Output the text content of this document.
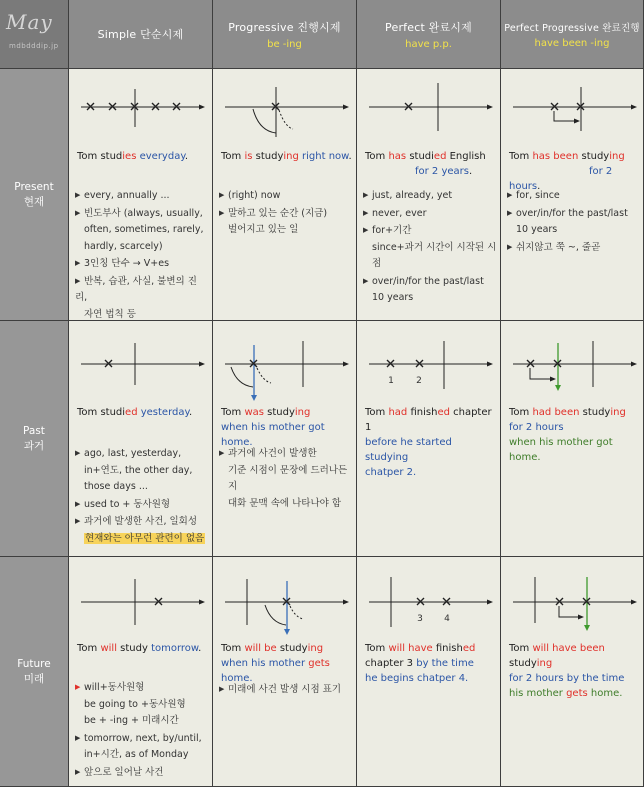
May
mdbdddip.jp
Simple 단순시제
Progressive 진행시제
be -ing
Perfect 완료시제
have p.p.
Perfect Progressive 완료진행
have been -ing
Present
현재
Tom studies everyday.
▶ every, annually ...
▶ 빈도부사 (always, usually,
often, sometimes, rarely,
hardly, scarcely)
▶ 3인칭 단수 → V+es
▶ 반복, 습관, 사실, 불변의 진리,
자연 법칙 등
Tom is studying right now.
▶ (right) now
▶ 말하고 있는 순간 (지금)
벌어지고 있는 일
Tom has studied English
for 2 years.
▶ just, already, yet
▶ never, ever
▶ for+기간
since+과거 시간이 시작된 시점
▶ over/in/for the past/last
10 years
Tom has been studying
for 2 hours.
▶ for, since
▶ over/in/for the past/last
10 years
▶ 쉬지않고 쭉 ~, 줄곧
Past
과거
Tom studied yesterday.
▶ ago, last, yesterday,
in+연도, the other day,
those days ...
▶ used to + 동사원형
▶ 과거에 발생한 사건, 일회성
현재와는 아무런 관련이 없음
Tom was studying
when his mother got home.
▶ 과거에 사건이 발생한
기준 시점이 문장에 드러나든지
대화 문맥 속에 나타나야 함
1 2
Tom had finished chapter 1
before he started studying
chatper 2.
Tom had been studying
for 2 hours
when his mother got home.
Future
미래
Tom will study tomorrow.
▶ will+동사원형
be going to +동사원형
be + -ing + 미래시간
▶ tomorrow, next, by/until,
in+시간, as of Monday
▶ 앞으로 일어날 사건
Tom will be studying
when his mother gets home.
▶ 미래에 사건 발생 시점 표기
3 4
Tom will have finished
chapter 3 by the time
he begins chatper 4.
Tom will have been studying
for 2 hours by the time
his mother gets home.
